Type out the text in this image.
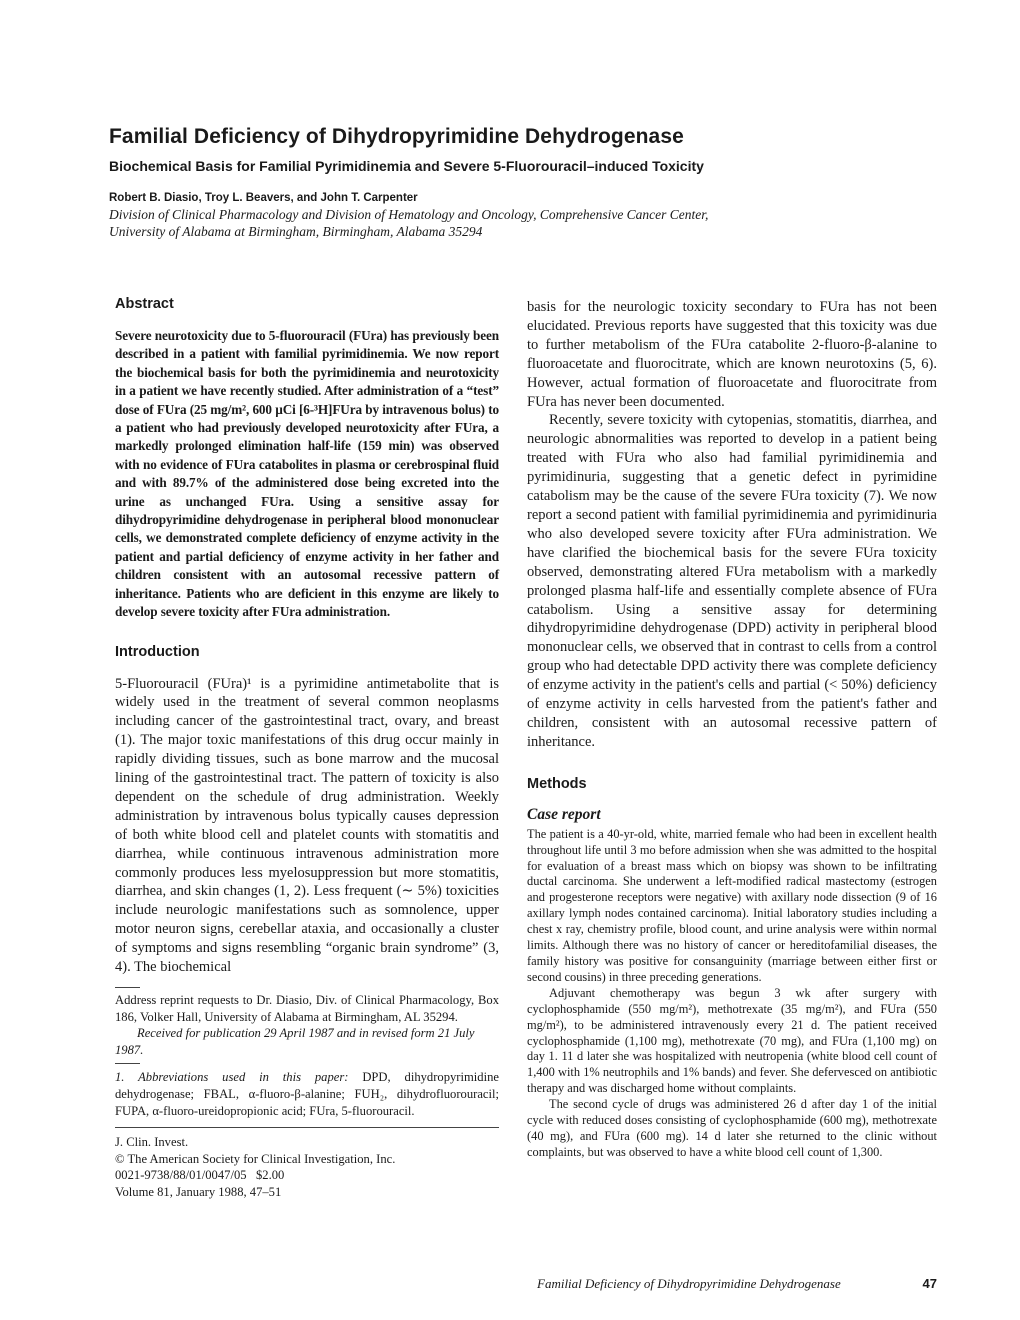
Familial Deficiency of Dihydropyrimidine Dehydrogenase
Biochemical Basis for Familial Pyrimidinemia and Severe 5-Fluorouracil–induced Toxicity

Robert B. Diasio, Troy L. Beavers, and John T. Carpenter

Division of Clinical Pharmacology and Division of Hematology and Oncology, Comprehensive Cancer Center,
University of Alabama at Birmingham, Birmingham, Alabama 35294
Abstract

Severe neurotoxicity due to 5-fluorouracil (FUra) has previously been described in a patient with familial pyrimidinemia. We now report the biochemical basis for both the pyrimidinemia and neurotoxicity in a patient we have recently studied. After administration of a “test” dose of FUra (25 mg/m², 600 µCi [6-³H]FUra by intravenous bolus) to a patient who had previously developed neurotoxicity after FUra, a markedly prolonged elimination half-life (159 min) was observed with no evidence of FUra catabolites in plasma or cerebrospinal fluid and with 89.7% of the administered dose being excreted into the urine as unchanged FUra. Using a sensitive assay for dihydropyrimidine dehydrogenase in peripheral blood mononuclear cells, we demonstrated complete deficiency of enzyme activity in the patient and partial deficiency of enzyme activity in her father and children consistent with an autosomal recessive pattern of inheritance. Patients who are deficient in this enzyme are likely to develop severe toxicity after FUra administration.

Introduction

5-Fluorouracil (FUra)¹ is a pyrimidine antimetabolite that is widely used in the treatment of several common neoplasms including cancer of the gastrointestinal tract, ovary, and breast (1). The major toxic manifestations of this drug occur mainly in rapidly dividing tissues, such as bone marrow and the mucosal lining of the gastrointestinal tract. The pattern of toxicity is also dependent on the schedule of drug administration. Weekly administration by intravenous bolus typically causes depression of both white blood cell and platelet counts with stomatitis and diarrhea, while continuous intravenous administration more commonly produces less myelosuppression but more stomatitis, diarrhea, and skin changes (1, 2). Less frequent (∼ 5%) toxicities include neurologic manifestations such as somnolence, upper motor neuron signs, cerebellar ataxia, and occasionally a cluster of symptoms and signs resembling “organic brain syndrome” (3, 4). The biochemical

Address reprint requests to Dr. Diasio, Div. of Clinical Pharmacology, Box 186, Volker Hall, University of Alabama at Birmingham, AL 35294.

Received for publication 29 April 1987 and in revised form 21 July 1987.

1. Abbreviations used in this paper: DPD, dihydropyrimidine dehydrogenase; FBAL, α-fluoro-β-alanine; FUH₂, dihydrofluorouracil; FUPA, α-fluoro-ureidopropionic acid; FUra, 5-fluorouracil.

J. Clin. Invest.

© The American Society for Clinical Investigation, Inc.

0021-9738/88/01/0047/05   $2.00

Volume 81, January 1988, 47–51

basis for the neurologic toxicity secondary to FUra has not been elucidated. Previous reports have suggested that this toxicity was due to further metabolism of the FUra catabolite 2-fluoro-β-alanine to fluoroacetate and fluorocitrate, which are known neurotoxins (5, 6). However, actual formation of fluoroacetate and fluorocitrate from FUra has never been documented.

Recently, severe toxicity with cytopenias, stomatitis, diarrhea, and neurologic abnormalities was reported to develop in a patient being treated with FUra who also had familial pyrimidinemia and pyrimidinuria, suggesting that a genetic defect in pyrimidine catabolism may be the cause of the severe FUra toxicity (7). We now report a second patient with familial pyrimidinemia and pyrimidinuria who also developed severe toxicity after FUra administration. We have clarified the biochemical basis for the severe FUra toxicity observed, demonstrating altered FUra metabolism with a markedly prolonged plasma half-life and essentially complete absence of FUra catabolism. Using a sensitive assay for determining dihydropyrimidine dehydrogenase (DPD) activity in peripheral blood mononuclear cells, we observed that in contrast to cells from a control group who had detectable DPD activity there was complete deficiency of enzyme activity in the patient's cells and partial (< 50%) deficiency of enzyme activity in cells harvested from the patient's father and children, consistent with an autosomal recessive pattern of inheritance.

Methods
Case report

The patient is a 40-yr-old, white, married female who had been in excellent health throughout life until 3 mo before admission when she was admitted to the hospital for evaluation of a breast mass which on biopsy was shown to be infiltrating ductal carcinoma. She underwent a left-modified radical mastectomy (estrogen and progesterone receptors were negative) with axillary node dissection (9 of 16 axillary lymph nodes contained carcinoma). Initial laboratory studies including a chest x ray, chemistry profile, blood count, and urine analysis were within normal limits. Although there was no history of cancer or hereditofamilial diseases, the family history was positive for consanguinity (marriage between either first or second cousins) in three preceding generations.

Adjuvant chemotherapy was begun 3 wk after surgery with cyclophosphamide (550 mg/m²), methotrexate (35 mg/m²), and FUra (550 mg/m²), to be administered intravenously every 21 d. The patient received cyclophosphamide (1,100 mg), methotrexate (70 mg), and FUra (1,100 mg) on day 1. 11 d later she was hospitalized with neutropenia (white blood cell count of 1,400 with 1% neutrophils and 1% bands) and fever. She defervesced on antibiotic therapy and was discharged home without complaints.

The second cycle of drugs was administered 26 d after day 1 of the initial cycle with reduced doses consisting of cyclophosphamide (600 mg), methotrexate (40 mg), and FUra (600 mg). 14 d later she returned to the clinic without complaints, but was observed to have a white blood cell count of 1,300.

Familial Deficiency of Dihydropyrimidine Dehydrogenase	47
